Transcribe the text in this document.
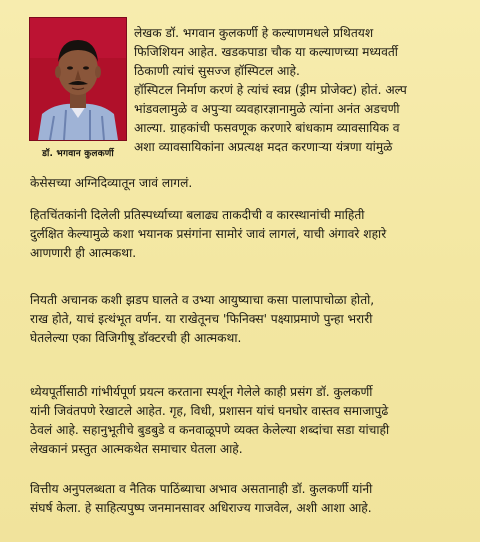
डॉ. भगवान कुलकर्णी
लेखक डॉ. भगवान कुलकर्णी हे कल्याणमधले प्रथितयश
फिजिशियन आहेत. खडकपाडा चौक या कल्याणच्या मध्यवर्ती
ठिकाणी त्यांचं सुसज्ज हॉस्पिटल आहे.
हॉस्पिटल निर्माण करणं हे त्यांचं स्वप्न (ड्रीम प्रोजेक्ट) होतं. अल्प
भांडवलामुळे व अपुऱ्या व्यवहारज्ञानामुळे त्यांना अनंत अडचणी
आल्या. ग्राहकांची फसवणूक करणारे बांधकाम व्यावसायिक व
अशा व्यावसायिकांना अप्रत्यक्ष मदत करणाऱ्या यंत्रणा यांमुळे
केसेसच्या अग्निदिव्यातून जावं लागलं.
हितचिंतकांनी दिलेली प्रतिस्पर्ध्याच्या बलाढ्य ताकदीची व कारस्थानांची माहिती
दुर्लक्षित केल्यामुळे कशा भयानक प्रसंगांना सामोरं जावं लागलं, याची अंगावरे शहारे
आणणारी ही आत्मकथा.
नियती अचानक कशी झडप घालते व उभ्या आयुष्याचा कसा पालापाचोळा होतो,
राख होते, याचं इत्थंभूत वर्णन. या राखेतूनच 'फिनिक्स' पक्ष्याप्रमाणे पुन्हा भरारी
घेतलेल्या एका विजिगीषू डॉक्टरची ही आत्मकथा.
ध्येयपूर्तीसाठी गांभीर्यपूर्ण प्रयत्न करताना स्पर्शून गेलेले काही प्रसंग डॉ. कुलकर्णी
यांनी जिवंतपणे रेखाटले आहेत. गृह, विधी, प्रशासन यांचं घनघोर वास्तव समाजापुढे
ठेवलं आहे. सहानुभूतीचे बुडबुडे व कनवाळूपणे व्यक्त केलेल्या शब्दांचा सडा यांचाही
लेखकानं प्रस्तुत आत्मकथेत समाचार घेतला आहे.
वित्तीय अनुपलब्धता व नैतिक पाठिंब्याचा अभाव असतानाही डॉ. कुलकर्णी यांनी
संघर्ष केला. हे साहित्यपुष्प जनमानसावर अधिराज्य गाजवेल, अशी आशा आहे.
